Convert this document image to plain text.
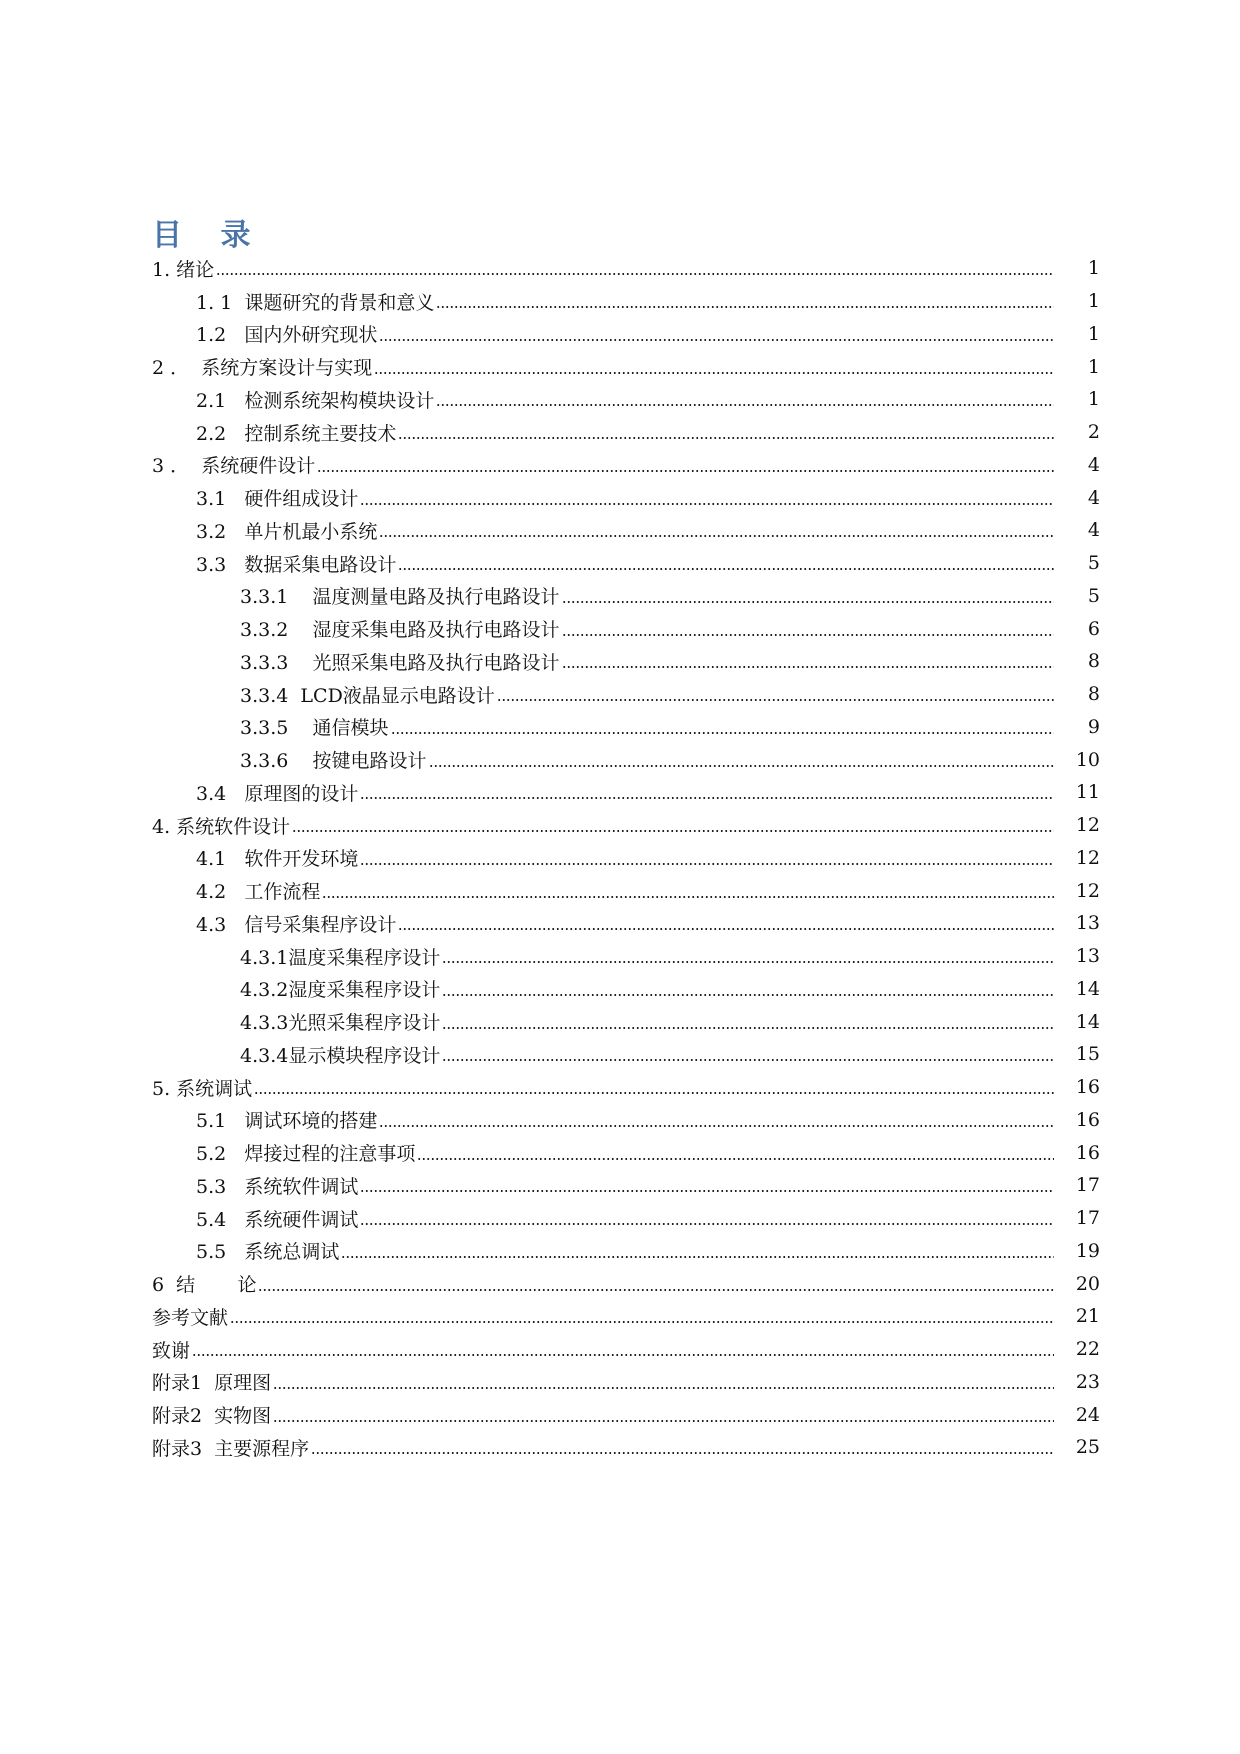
目 录
1. 绪论	1
1. 1  课题研究的背景和意义	1
1.2   国内外研究现状	1
2 ．  系统方案设计与实现	1
2.1   检测系统架构模块设计	1
2.2   控制系统主要技术	2
3 ．  系统硬件设计	4
3.1   硬件组成设计	4
3.2   单片机最小系统	4
3.3   数据采集电路设计	5
3.3.1    温度测量电路及执行电路设计	5
3.3.2    湿度采集电路及执行电路设计	6
3.3.3    光照采集电路及执行电路设计	8
3.3.4  LCD液晶显示电路设计	8
3.3.5    通信模块	9
3.3.6    按键电路设计	10
3.4   原理图的设计	11
4. 系统软件设计	12
4.1   软件开发环境	12
4.2   工作流程	12
4.3   信号采集程序设计	13
4.3.1温度采集程序设计	13
4.3.2湿度采集程序设计	14
4.3.3光照采集程序设计	14
4.3.4显示模块程序设计	15
5. 系统调试	16
5.1   调试环境的搭建	16
5.2   焊接过程的注意事项	16
5.3   系统软件调试	17
5.4   系统硬件调试	17
5.5   系统总调试	19
6  结       论	20
参考文献	21
致谢	22
附录1  原理图	23
附录2  实物图	24
附录3  主要源程序	25
